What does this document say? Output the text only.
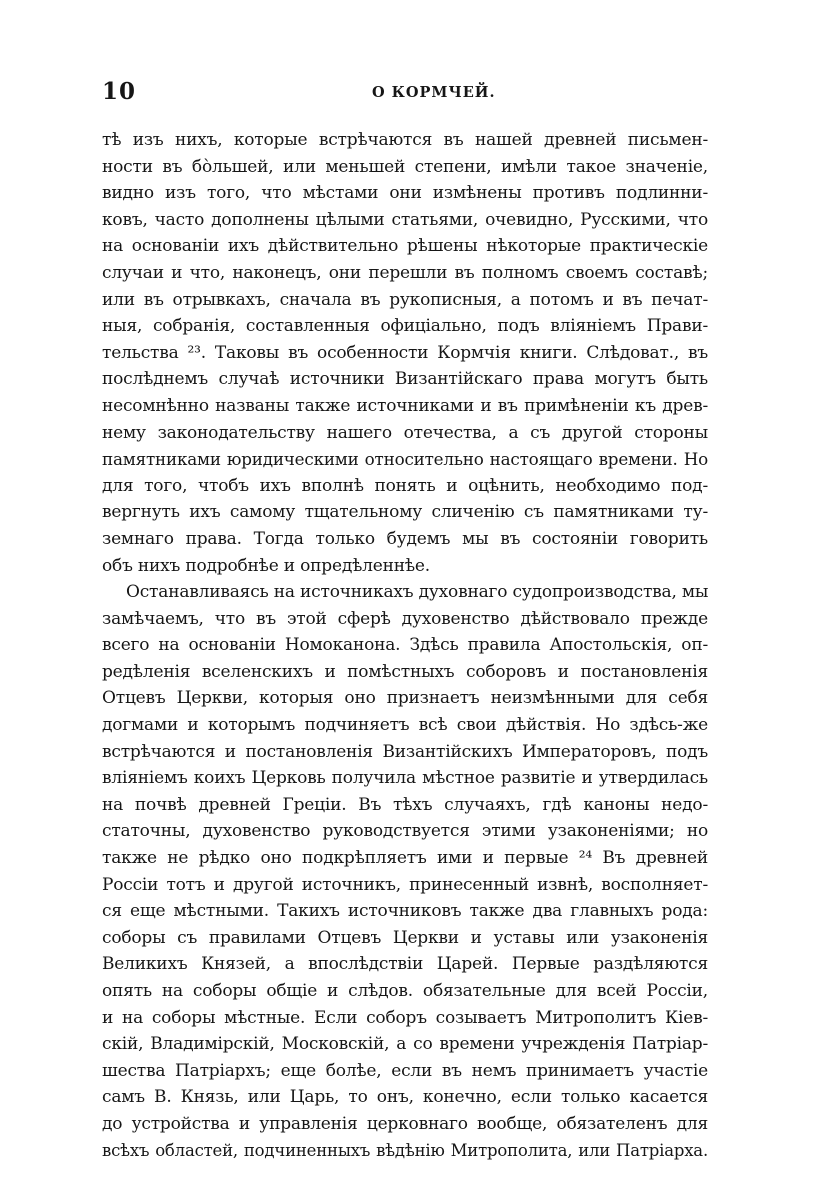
10	О КОРМЧЕЙ.
тѣ изъ нихъ, которые встрѣчаются въ нашей древней письмен-
ности въ бо̀льшей, или меньшей степени, имѣли такое значеніе,
видно изъ того, что мѣстами они измѣнены противъ подлинни-
ковъ, часто дополнены цѣлыми статьями, очевидно, Русскими, что
на основаніи ихъ дѣйствительно рѣшены нѣкоторые практическіе
случаи и что, наконецъ, они перешли въ полномъ своемъ составѣ;
или въ отрывкахъ, сначала въ рукописныя, а потомъ и въ печат-
ныя, собранія, составленныя офиціально, подъ вліяніемъ Прави-
тельства ²³. Таковы въ особенности Кормчія книги. Слѣдоват., въ
послѣднемъ случаѣ источники Византійскаго права могутъ быть
несомнѣнно названы также источниками и въ примѣненіи къ древ-
нему законодательству нашего отечества, а съ другой стороны
памятниками юридическими относительно настоящаго времени. Но
для того, чтобъ ихъ вполнѣ понять и оцѣнить, необходимо под-
вергнуть ихъ самому тщательному сличенію съ памятниками ту-
земнаго права. Тогда только будемъ мы въ состояніи говорить
объ нихъ подробнѣе и опредѣленнѣе.
Останавливаясь на источникахъ духовнаго судопроизводства, мы
замѣчаемъ, что въ этой сферѣ духовенство дѣйствовало прежде
всего на основаніи Номоканона. Здѣсь правила Апостольскія, оп-
редѣленія вселенскихъ и помѣстныхъ соборовъ и постановленія
Отцевъ Церкви, которыя оно признаетъ неизмѣнными для себя
догмами и которымъ подчиняетъ всѣ свои дѣйствія. Но здѣсь-же
встрѣчаются и постановленія Византійскихъ Императоровъ, подъ
вліяніемъ коихъ Церковь получила мѣстное развитіе и утвердилась
на почвѣ древней Греціи. Въ тѣхъ случаяхъ, гдѣ каноны недо-
статочны, духовенство руководствуется этими узаконеніями; но
также не рѣдко оно подкрѣпляетъ ими и первые ²⁴ Въ древней
Россіи тотъ и другой источникъ, принесенный извнѣ, восполняет-
ся еще мѣстными. Такихъ источниковъ также два главныхъ рода:
соборы съ правилами Отцевъ Церкви и уставы или узаконенія
Великихъ Князей, а впослѣдствіи Царей. Первые раздѣляются
опять на соборы общіе и слѣдов. обязательные для всей Россіи,
и на соборы мѣстные. Если соборъ созываетъ Митрополитъ Кіев-
скій, Владимірскій, Московскій, а со времени учрежденія Патріар-
шества Патріархъ; еще болѣе, если въ немъ принимаетъ участіе
самъ В. Князь, или Царь, то онъ, конечно, если только касается
до устройства и управленія церковнаго вообще, обязателенъ для
всѣхъ областей, подчиненныхъ вѣдѣнію Митрополита, или Патріарха.
